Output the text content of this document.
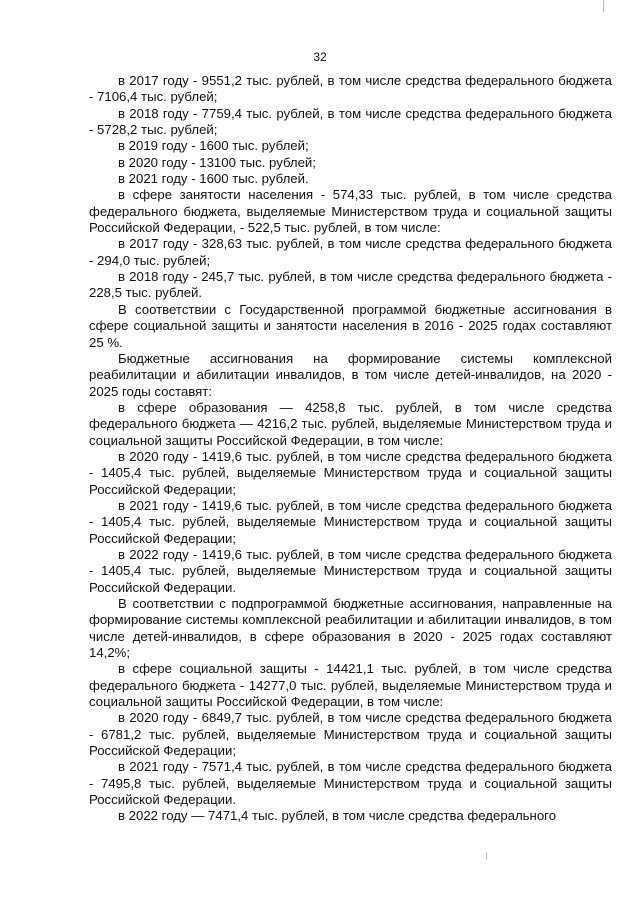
32

в 2017 году - 9551,2 тыс. рублей, в том числе средства федерального бюджета - 7106,4 тыс. рублей;

в 2018 году - 7759,4 тыс. рублей, в том числе средства федерального бюджета - 5728,2 тыс. рублей;

в 2019 году - 1600 тыс. рублей;

в 2020 году - 13100 тыс. рублей;

в 2021 году - 1600 тыс. рублей.

в сфере занятости населения - 574,33 тыс. рублей, в том числе средства федерального бюджета, выделяемые Министерством труда и социальной защиты Российской Федерации, - 522,5 тыс. рублей, в том числе:

в 2017 году - 328,63 тыс. рублей, в том числе средства федерального бюджета - 294,0 тыс. рублей;

в 2018 году - 245,7 тыс. рублей, в том числе средства федерального бюджета - 228,5 тыс. рублей.

В соответствии с Государственной программой бюджетные ассигнования в сфере социальной защиты и занятости населения в 2016 - 2025 годах составляют 25 %.

Бюджетные ассигнования на формирование системы комплексной реабилитации и абилитации инвалидов, в том числе детей-инвалидов, на 2020 - 2025 годы составят:

в сфере образования — 4258,8 тыс. рублей, в том числе средства федерального бюджета — 4216,2 тыс. рублей, выделяемые Министерством труда и социальной защиты Российской Федерации, в том числе:

в 2020 году - 1419,6 тыс. рублей, в том числе средства федерального бюджета - 1405,4 тыс. рублей, выделяемые Министерством труда и социальной защиты Российской Федерации;

в 2021 году - 1419,6 тыс. рублей, в том числе средства федерального бюджета - 1405,4 тыс. рублей, выделяемые Министерством труда и социальной защиты Российской Федерации;

в 2022 году - 1419,6 тыс. рублей, в том числе средства федерального бюджета - 1405,4 тыс. рублей, выделяемые Министерством труда и социальной защиты Российской Федерации.

В соответствии с подпрограммой бюджетные ассигнования, направленные на формирование системы комплексной реабилитации и абилитации инвалидов, в том числе детей-инвалидов, в сфере образования в 2020 - 2025 годах составляют 14,2%;

в сфере социальной защиты - 14421,1 тыс. рублей, в том числе средства федерального бюджета - 14277,0 тыс. рублей, выделяемые Министерством труда и социальной защиты Российской Федерации, в том числе:

в 2020 году - 6849,7 тыс. рублей, в том числе средства федерального бюджета - 6781,2 тыс. рублей, выделяемые Министерством труда и социальной защиты Российской Федерации;

в 2021 году - 7571,4 тыс. рублей, в том числе средства федерального бюджета - 7495,8 тыс. рублей, выделяемые Министерством труда и социальной защиты Российской Федерации.

в 2022 году — 7471,4 тыс. рублей, в том числе средства федерального
